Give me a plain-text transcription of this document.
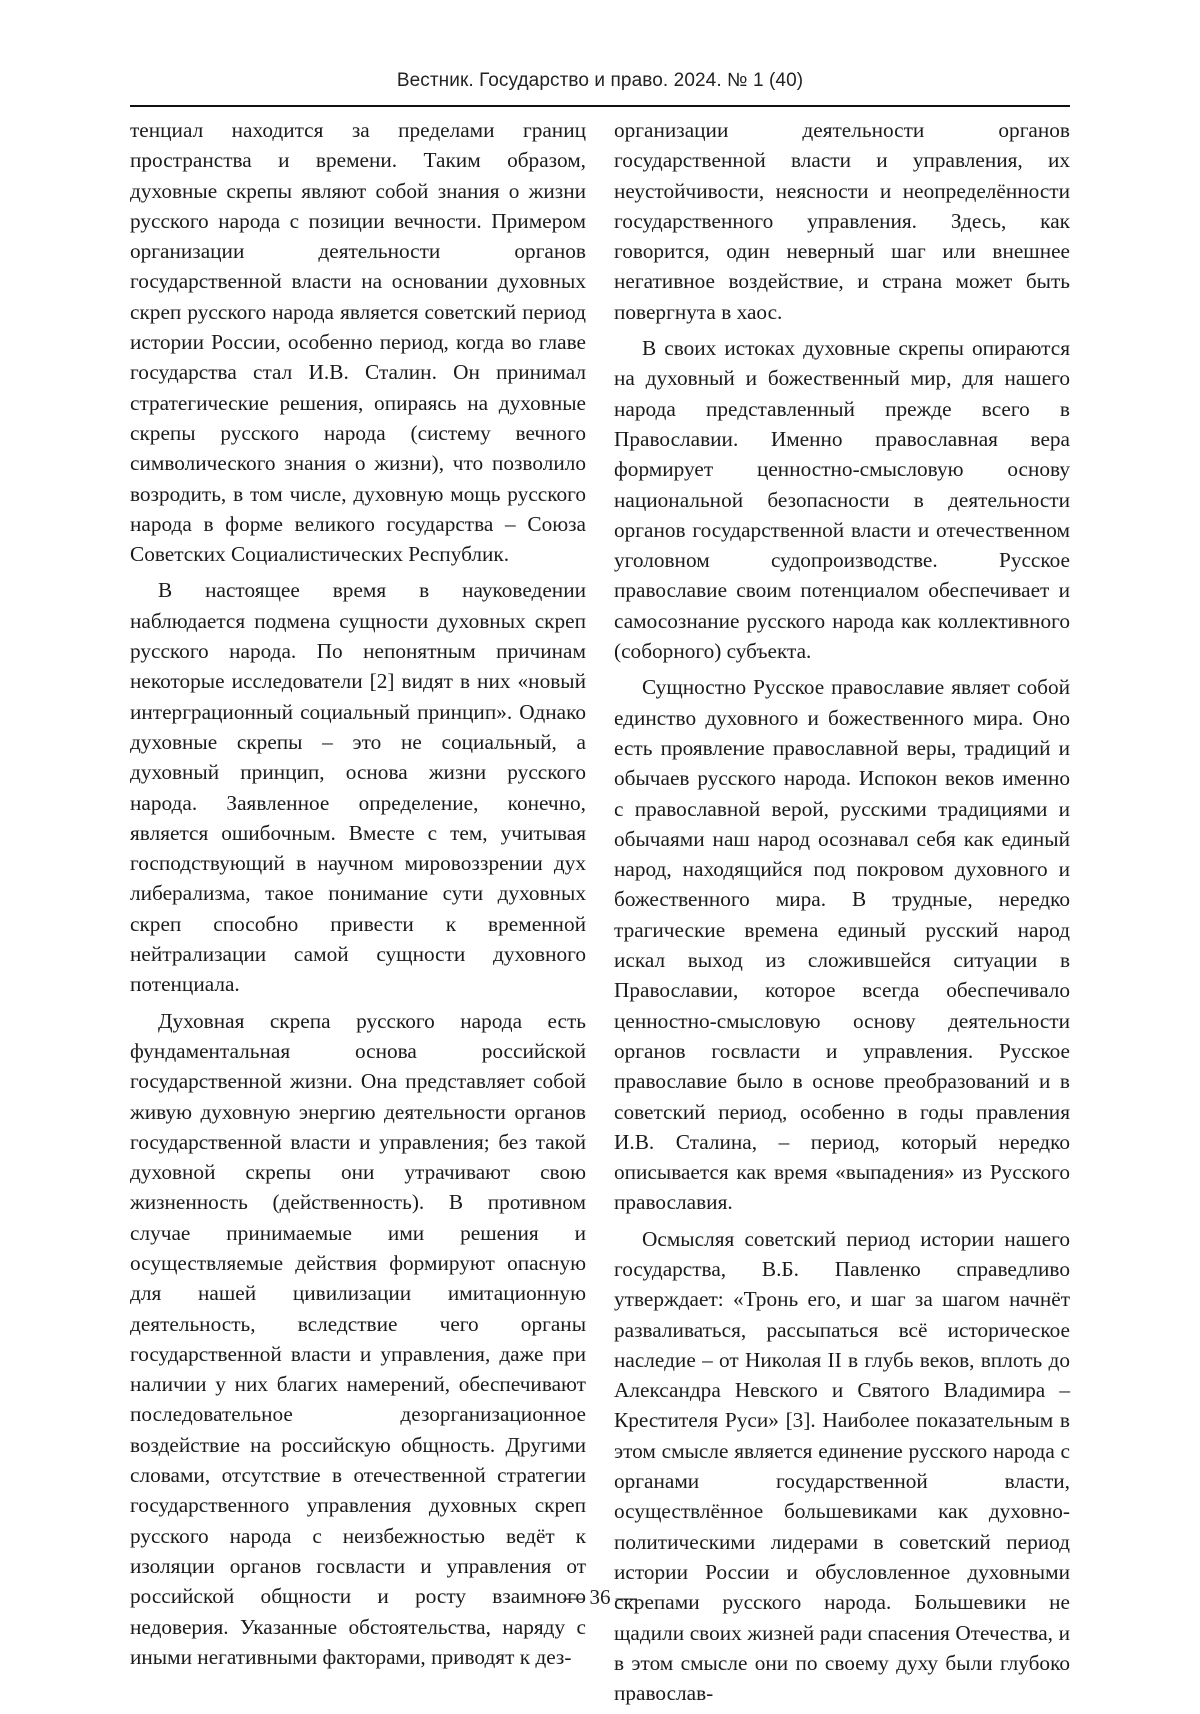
Вестник. Государство и право. 2024. № 1 (40)

тенциал находится за пределами границ пространства и времени. Таким образом, духовные скрепы являют собой знания о жизни русского народа с позиции вечности. Примером организации деятельности органов государственной власти на основании духовных скреп русского народа является советский период истории России, особенно период, когда во главе государства стал И.В. Сталин. Он принимал стратегические решения, опираясь на духовные скрепы русского народа (систему вечного символического знания о жизни), что позволило возродить, в том числе, духовную мощь русского народа в форме великого государства – Союза Советских Социалистических Республик.

В настоящее время в науковедении наблюдается подмена сущности духовных скреп русского народа. По непонятным причинам некоторые исследователи [2] видят в них «новый интерграционный социальный принцип». Однако духовные скрепы – это не социальный, а духовный принцип, основа жизни русского народа. Заявленное определение, конечно, является ошибочным. Вместе с тем, учитывая господствующий в научном мировоззрении дух либерализма, такое понимание сути духовных скреп способно привести к временной нейтрализации самой сущности духовного потенциала.

Духовная скрепа русского народа есть фундаментальная основа российской государственной жизни. Она представляет собой живую духовную энергию деятельности органов государственной власти и управления; без такой духовной скрепы они утрачивают свою жизненность (действенность). В противном случае принимаемые ими решения и осуществляемые действия формируют опасную для нашей цивилизации имитационную деятельность, вследствие чего органы государственной власти и управления, даже при наличии у них благих намерений, обеспечивают последовательное дезорганизационное воздействие на российскую общность. Другими словами, отсутствие в отечественной стратегии государственного управления духовных скреп русского народа с неизбежностью ведёт к изоляции органов госвласти и управления от российской общности и росту взаимного недоверия. Указанные обстоятельства, наряду с иными негативными факторами, приводят к дез-

организации деятельности органов государственной власти и управления, их неустойчивости, неясности и неопределённости государственного управления. Здесь, как говорится, один неверный шаг или внешнее негативное воздействие, и страна может быть повергнута в хаос.

В своих истоках духовные скрепы опираются на духовный и божественный мир, для нашего народа представленный прежде всего в Православии. Именно православная вера формирует ценностно-смысловую основу национальной безопасности в деятельности органов государственной власти и отечественном уголовном судопроизводстве. Русское православие своим потенциалом обеспечивает и самосознание русского народа как коллективного (соборного) субъекта.

Сущностно Русское православие являет собой единство духовного и божественного мира. Оно есть проявление православной веры, традиций и обычаев русского народа. Испокон веков именно с православной верой, русскими традициями и обычаями наш народ осознавал себя как единый народ, находящийся под покровом духовного и божественного мира. В трудные, нередко трагические времена единый русский народ искал выход из сложившейся ситуации в Православии, которое всегда обеспечивало ценностно-смысловую основу деятельности органов госвласти и управления. Русское православие было в основе преобразований и в советский период, особенно в годы правления И.В. Сталина, – период, который нередко описывается как время «выпадения» из Русского православия.

Осмысляя советский период истории нашего государства, В.Б. Павленко справедливо утверждает: «Тронь его, и шаг за шагом начнёт разваливаться, рассыпаться всё историческое наследие – от Николая II в глубь веков, вплоть до Александра Невского и Святого Владимира – Крестителя Руси» [3]. Наиболее показательным в этом смысле является единение русского народа с органами государственной власти, осуществлённое большевиками как духовно-политическими лидерами в советский период истории России и обусловленное духовными скрепами русского народа. Большевики не щадили своих жизней ради спасения Отечества, и в этом смысле они по своему духу были глубоко православ-

— 36 —
